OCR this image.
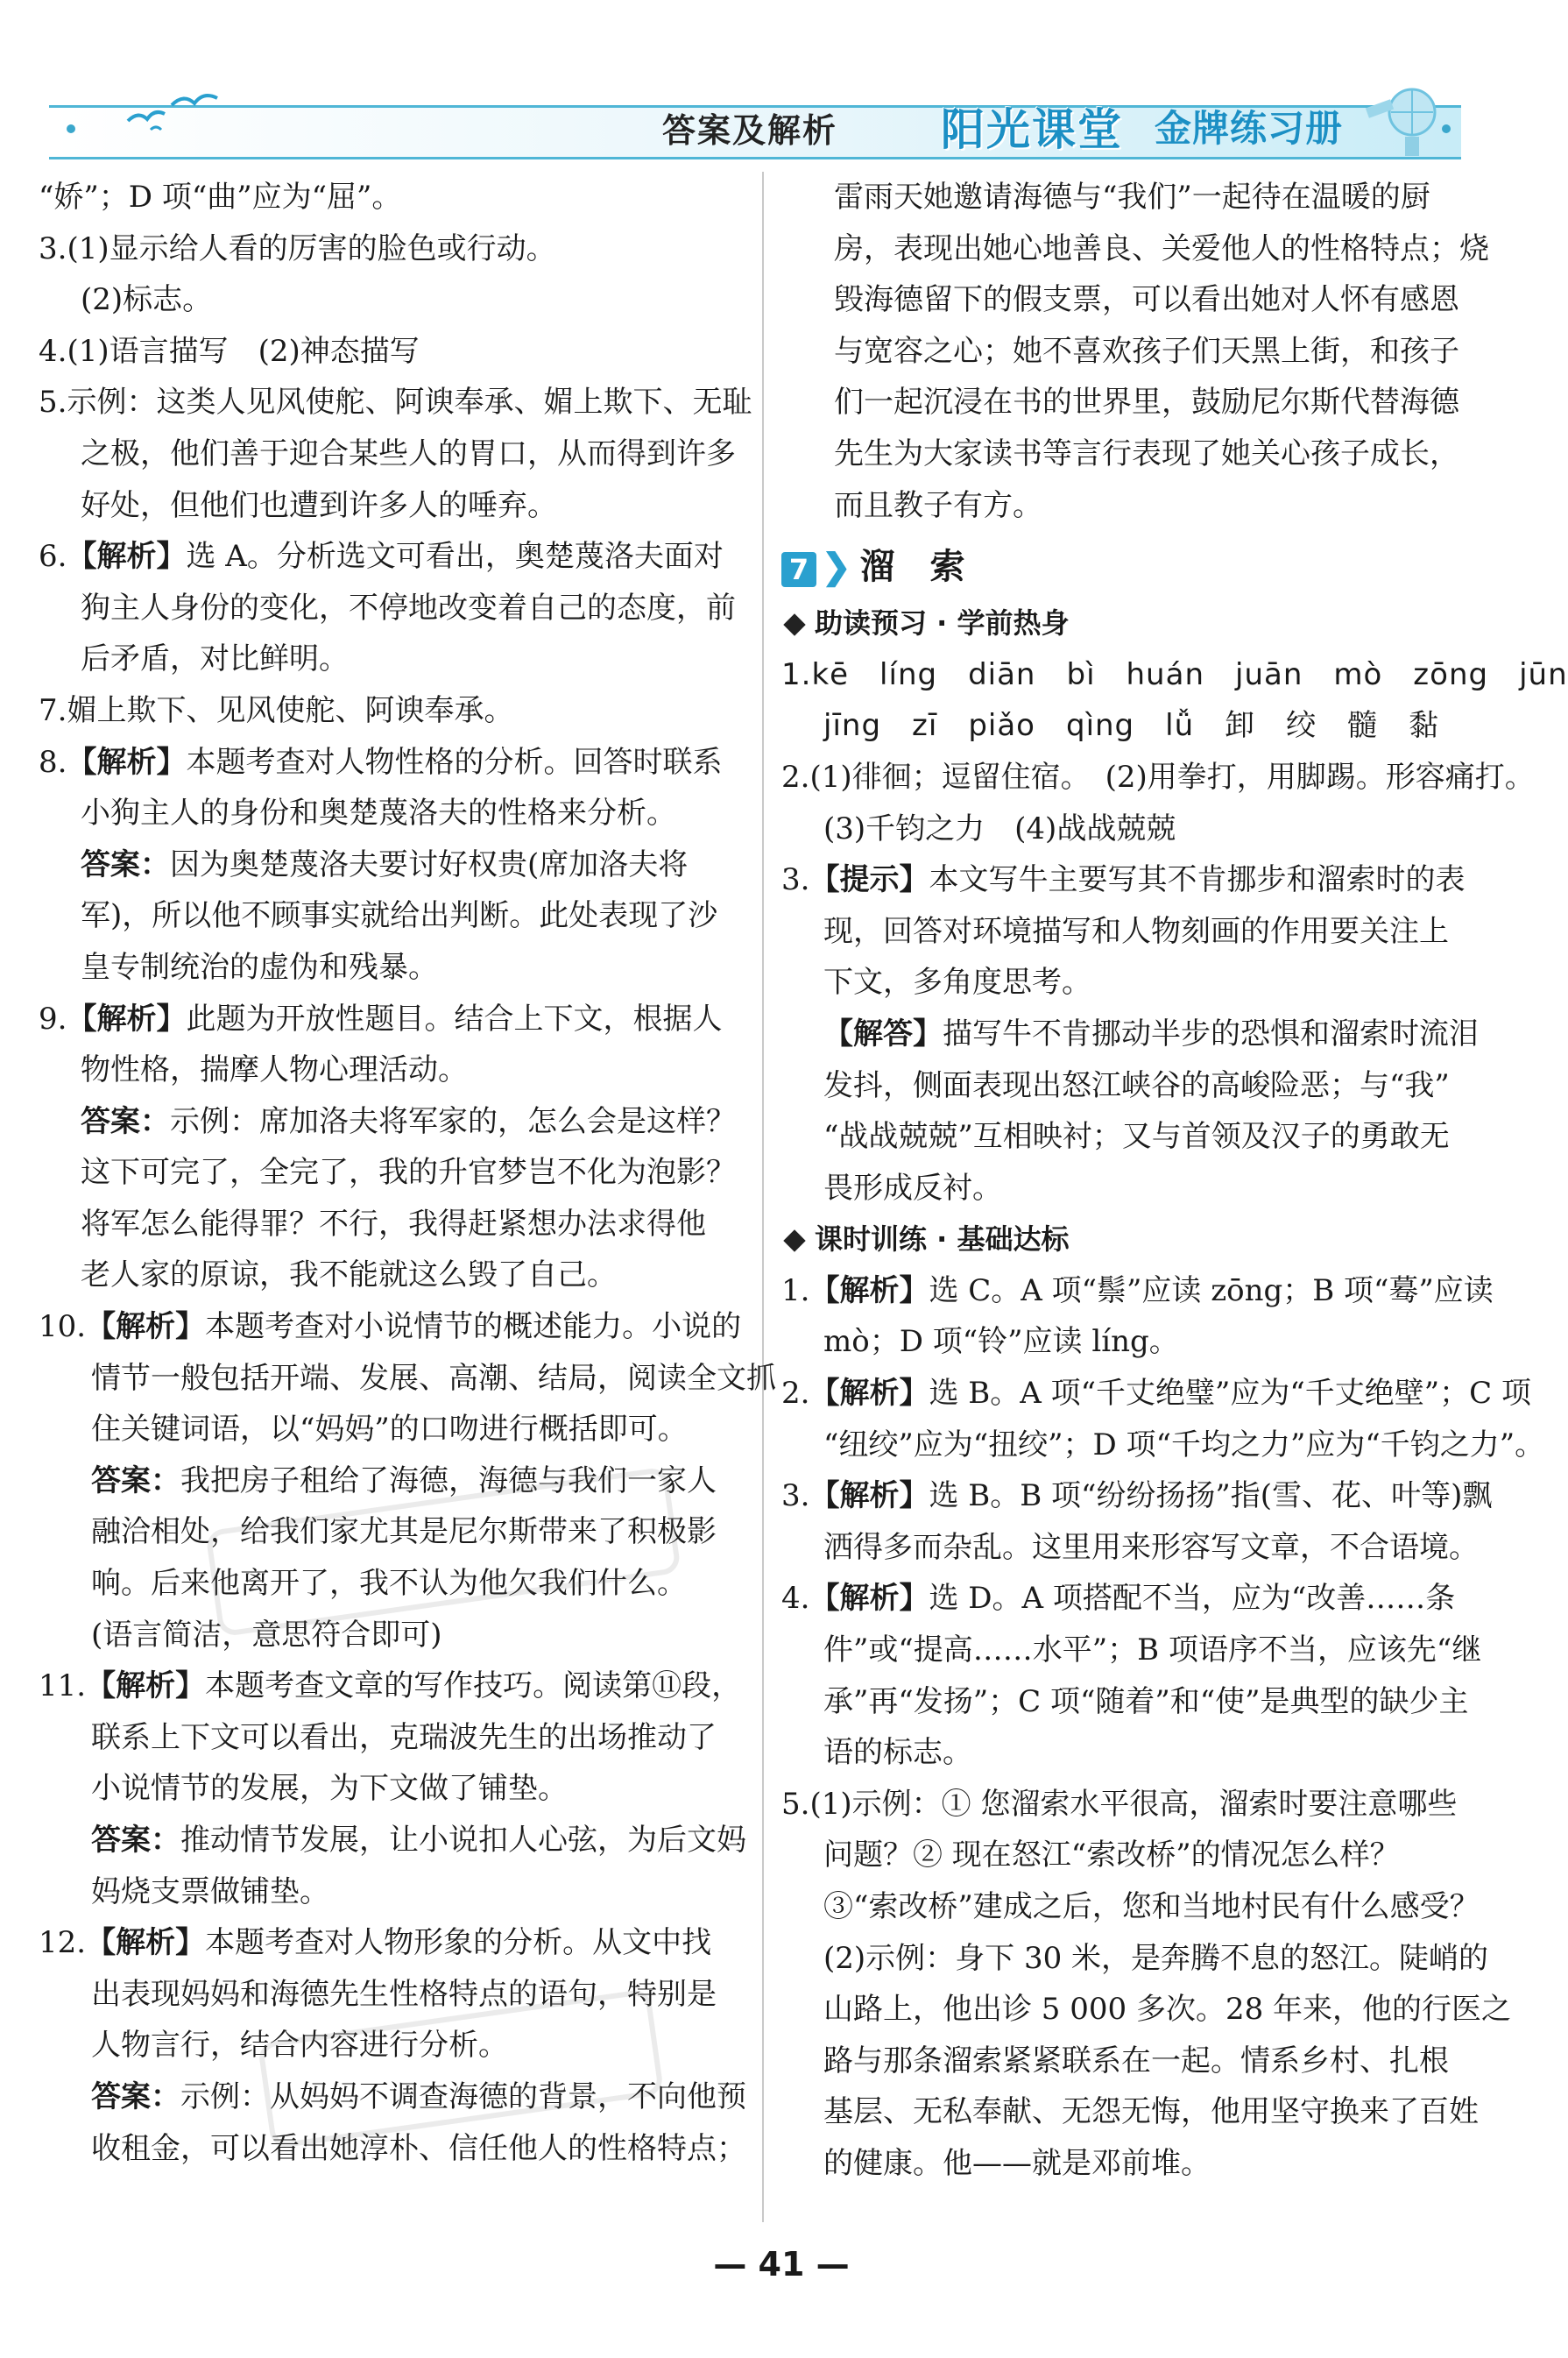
答案及解析 阳光课堂 金牌练习册
“娇”；D 项“曲”应为“屈”。
3.(1)显示给人看的厉害的脸色或行动。
(2)标志。
4.(1)语言描写　(2)神态描写
5.示例：这类人见风使舵、阿谀奉承、媚上欺下、无耻
之极，他们善于迎合某些人的胃口，从而得到许多
好处，但他们也遭到许多人的唾弃。
6.【解析】选 A。分析选文可看出，奥楚蔑洛夫面对
狗主人身份的变化，不停地改变着自己的态度，前
后矛盾，对比鲜明。
7.媚上欺下、见风使舵、阿谀奉承。
8.【解析】本题考查对人物性格的分析。回答时联系
小狗主人的身份和奥楚蔑洛夫的性格来分析。
答案：因为奥楚蔑洛夫要讨好权贵(席加洛夫将
军)，所以他不顾事实就给出判断。此处表现了沙
皇专制统治的虚伪和残暴。
9.【解析】此题为开放性题目。结合上下文，根据人
物性格，揣摩人物心理活动。
答案：示例：席加洛夫将军家的，怎么会是这样？
这下可完了，全完了，我的升官梦岂不化为泡影？
将军怎么能得罪？不行，我得赶紧想办法求得他
老人家的原谅，我不能就这么毁了自己。
10.【解析】本题考查对小说情节的概述能力。小说的
情节一般包括开端、发展、高潮、结局，阅读全文抓
住关键词语，以“妈妈”的口吻进行概括即可。
答案：我把房子租给了海德，海德与我们一家人
融洽相处，给我们家尤其是尼尔斯带来了积极影
响。后来他离开了，我不认为他欠我们什么。
(语言简洁，意思符合即可)
11.【解析】本题考查文章的写作技巧。阅读第⑪段，
联系上下文可以看出，克瑞波先生的出场推动了
小说情节的发展，为下文做了铺垫。
答案：推动情节发展，让小说扣人心弦，为后文妈
妈烧支票做铺垫。
12.【解析】本题考查对人物形象的分析。从文中找
出表现妈妈和海德先生性格特点的语句，特别是
人物言行，结合内容进行分析。
答案：示例：从妈妈不调查海德的背景，不向他预
收租金，可以看出她淳朴、信任他人的性格特点；
雷雨天她邀请海德与“我们”一起待在温暖的厨
房，表现出她心地善良、关爱他人的性格特点；烧
毁海德留下的假支票，可以看出她对人怀有感恩
与宽容之心；她不喜欢孩子们天黑上街，和孩子
们一起沉浸在书的世界里，鼓励尼尔斯代替海德
先生为大家读书等言行表现了她关心孩子成长，
而且教子有方。
7 ❯ 溜　索
助读预习 · 学前热身
1.kē　líng　diān　bì　huán　juān　mò　zōng　jūn
jīng　zī　piǎo　qìng　lǚ　卸　绞　髓　黏
2.(1)徘徊；逗留住宿。　(2)用拳打，用脚踢。形容痛打。
(3)千钧之力　(4)战战兢兢
3.【提示】本文写牛主要写其不肯挪步和溜索时的表
现，回答对环境描写和人物刻画的作用要关注上
下文，多角度思考。
【解答】描写牛不肯挪动半步的恐惧和溜索时流泪
发抖，侧面表现出怒江峡谷的高峻险恶；与“我”
“战战兢兢”互相映衬；又与首领及汉子的勇敢无
畏形成反衬。
课时训练 · 基础达标
1.【解析】选 C。A 项“鬃”应读 zōng；B 项“蓦”应读
mò；D 项“铃”应读 líng。
2.【解析】选 B。A 项“千丈绝璧”应为“千丈绝壁”；C 项
“纽绞”应为“扭绞”；D 项“千均之力”应为“千钧之力”。
3.【解析】选 B。B 项“纷纷扬扬”指(雪、花、叶等)飘
洒得多而杂乱。这里用来形容写文章，不合语境。
4.【解析】选 D。A 项搭配不当，应为“改善……条
件”或“提高……水平”；B 项语序不当，应该先“继
承”再“发扬”；C 项“随着”和“使”是典型的缺少主
语的标志。
5.(1)示例：① 您溜索水平很高，溜索时要注意哪些
问题？② 现在怒江“索改桥”的情况怎么样？
③“索改桥”建成之后，您和当地村民有什么感受？
(2)示例：身下 30 米，是奔腾不息的怒江。陡峭的
山路上，他出诊 5 000 多次。28 年来，他的行医之
路与那条溜索紧紧联系在一起。情系乡村、扎根
基层、无私奉献、无怨无悔，他用坚守换来了百姓
的健康。他——就是邓前堆。
— 41 —
